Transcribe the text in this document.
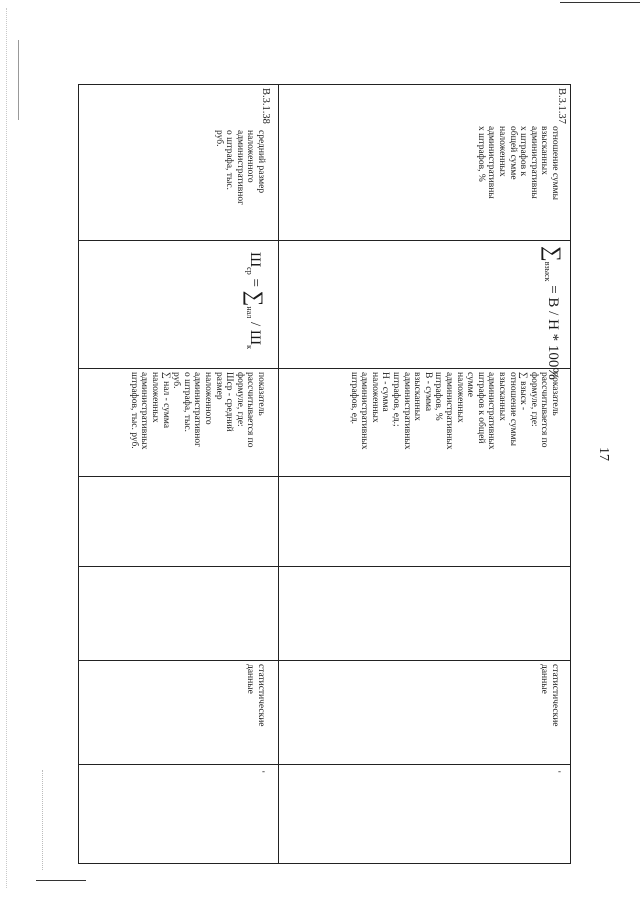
17
В.3.1.37
отношение суммы
взысканных
административны
х штрафов к
общей сумме
наложенных
административны
х штрафов, %
$\sum_{взыск} = В / Н * 100\%$
показатель
рассчитывается по
формуле, где:
∑ взыск -
отношение суммы
взысканных
административных
штрафов к общей
сумме
наложенных
административных
штрафов, %
В - сумма
взысканных
административных
штрафов, ед.;
Н - сумма
наложенных
административных
штрафов, ед.
статистические
данные
-
В.3.1.38
средний размер
наложенного
административног
о штрафа, тыс.
руб.
$Ш_{ср} = \sum_{нал} / Ш_к$
показатель
рассчитывается по
формуле, где:
Шср - средний
размер
наложенного
административног
о штрафа, тыс.
руб.
∑ нал - сумма
наложенных
административных
штрафов, тыс. руб.
статистические
данные
-
